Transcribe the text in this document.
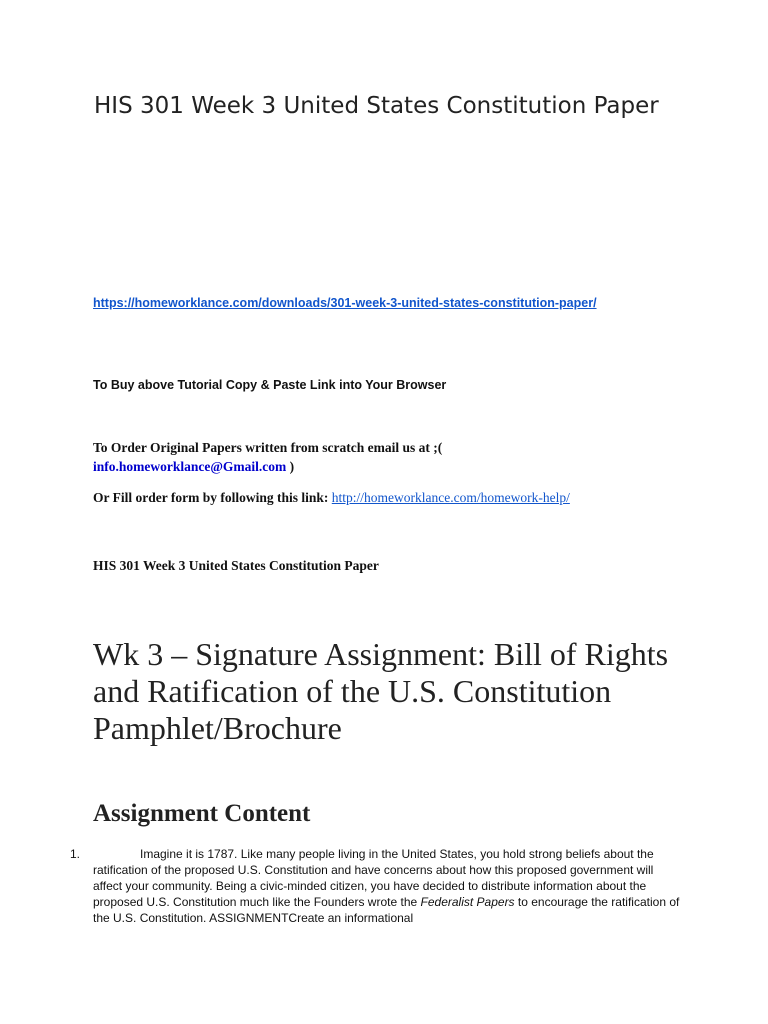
HIS 301 Week 3 United States Constitution Paper
https://homeworklance.com/downloads/301-week-3-united-states-constitution-paper/
To Buy above Tutorial Copy & Paste Link into Your Browser
To Order Original Papers written from scratch email us at ;(
info.homeworklance@Gmail.com )
Or Fill order form by following this link: http://homeworklance.com/homework-help/
HIS 301 Week 3 United States Constitution Paper
Wk 3 – Signature Assignment: Bill of Rights and Ratification of the U.S. Constitution Pamphlet/Brochure
Assignment Content
1.	Imagine it is 1787. Like many people living in the United States, you hold strong beliefs about the ratification of the proposed U.S. Constitution and have concerns about how this proposed government will affect your community. Being a civic-minded citizen, you have decided to distribute information about the proposed U.S. Constitution much like the Founders wrote the Federalist Papers to encourage the ratification of the U.S. Constitution. ASSIGNMENTCreate an informational
